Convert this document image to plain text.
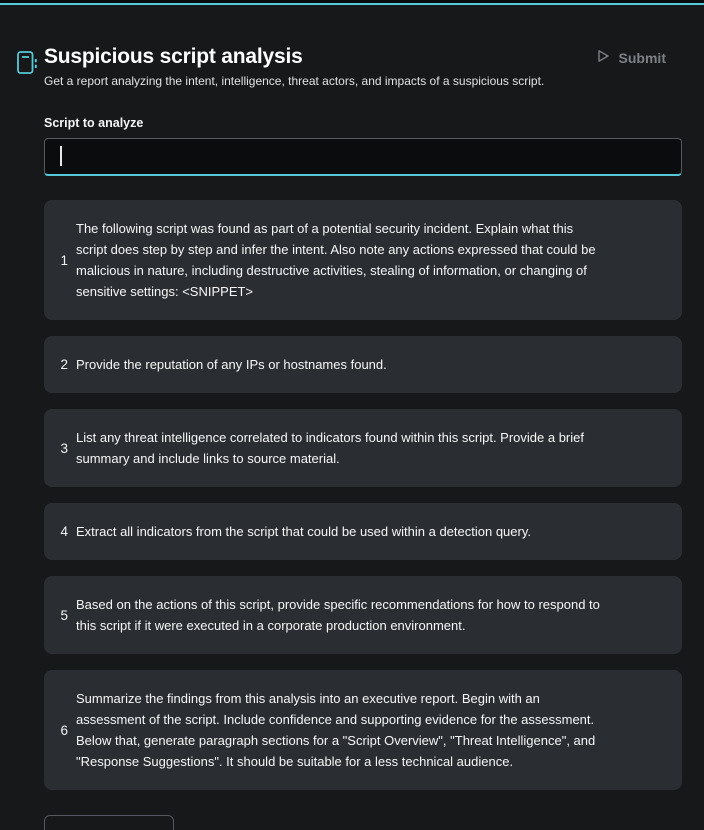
Suspicious script analysis
Get a report analyzing the intent, intelligence, threat actors, and impacts of a suspicious script.
Submit
Script to analyze
1
The following script was found as part of a potential security incident. Explain what this script does step by step and infer the intent. Also note any actions expressed that could be malicious in nature, including destructive activities, stealing of information, or changing of sensitive settings: <SNIPPET>
2 Provide the reputation of any IPs or hostnames found.
3
List any threat intelligence correlated to indicators found within this script. Provide a brief summary and include links to source material.
4 Extract all indicators from the script that could be used within a detection query.
5
Based on the actions of this script, provide specific recommendations for how to respond to this script if it were executed in a corporate production environment.
6
Summarize the findings from this analysis into an executive report. Begin with an assessment of the script. Include confidence and supporting evidence for the assessment. Below that, generate paragraph sections for a "Script Overview", "Threat Intelligence", and "Response Suggestions". It should be suitable for a less technical audience.
